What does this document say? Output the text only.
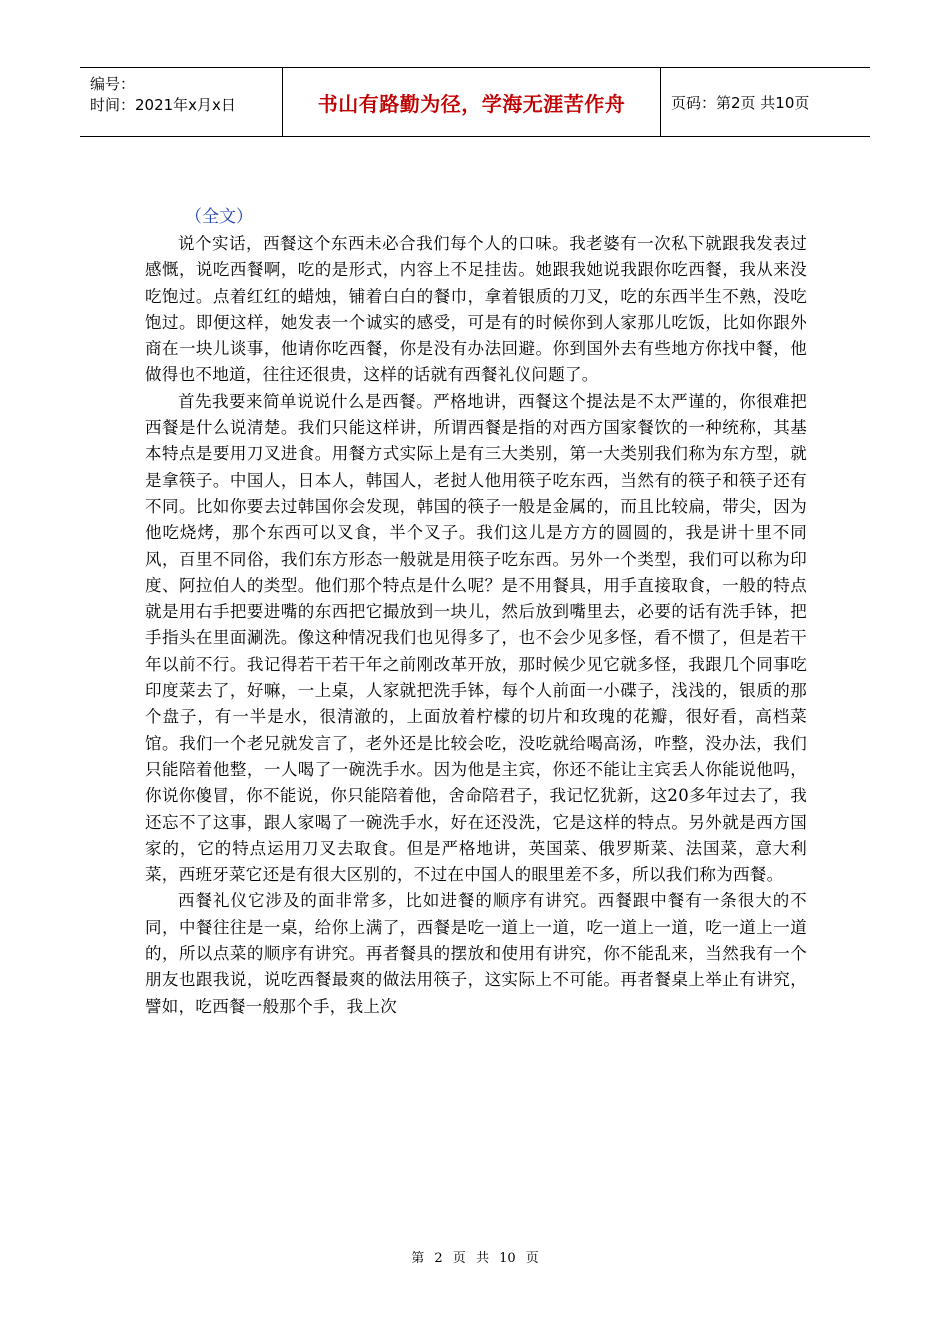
编号：
时间：2021年x月x日	书山有路勤为径，学海无涯苦作舟	页码：第2页 共10页
（全文）

说个实话，西餐这个东西未必合我们每个人的口味。我老婆有一次私下就跟我发表过感慨，说吃西餐啊，吃的是形式，内容上不足挂齿。她跟我她说我跟你吃西餐，我从来没吃饱过。点着红红的蜡烛，铺着白白的餐巾，拿着银质的刀叉，吃的东西半生不熟，没吃饱过。即便这样，她发表一个诚实的感受，可是有的时候你到人家那儿吃饭，比如你跟外商在一块儿谈事，他请你吃西餐，你是没有办法回避。你到国外去有些地方你找中餐，他做得也不地道，往往还很贵，这样的话就有西餐礼仪问题了。

首先我要来简单说说什么是西餐。严格地讲，西餐这个提法是不太严谨的，你很难把西餐是什么说清楚。我们只能这样讲，所谓西餐是指的对西方国家餐饮的一种统称，其基本特点是要用刀叉进食。用餐方式实际上是有三大类别，第一大类别我们称为东方型，就是拿筷子。中国人，日本人，韩国人，老挝人他用筷子吃东西，当然有的筷子和筷子还有不同。比如你要去过韩国你会发现，韩国的筷子一般是金属的，而且比较扁，带尖，因为他吃烧烤，那个东西可以叉食，半个叉子。我们这儿是方方的圆圆的，我是讲十里不同风，百里不同俗，我们东方形态一般就是用筷子吃东西。另外一个类型，我们可以称为印度、阿拉伯人的类型。他们那个特点是什么呢？是不用餐具，用手直接取食，一般的特点就是用右手把要进嘴的东西把它撮放到一块儿，然后放到嘴里去，必要的话有洗手钵，把手指头在里面涮洗。像这种情况我们也见得多了，也不会少见多怪，看不惯了，但是若干年以前不行。我记得若干若干年之前刚改革开放，那时候少见它就多怪，我跟几个同事吃印度菜去了，好嘛，一上桌，人家就把洗手钵，每个人前面一小碟子，浅浅的，银质的那个盘子，有一半是水，很清澈的，上面放着柠檬的切片和玫瑰的花瓣，很好看，高档菜馆。我们一个老兄就发言了，老外还是比较会吃，没吃就给喝高汤，咋整，没办法，我们只能陪着他整，一人喝了一碗洗手水。因为他是主宾，你还不能让主宾丢人你能说他吗，你说你傻冒，你不能说，你只能陪着他，舍命陪君子，我记忆犹新，这20多年过去了，我还忘不了这事，跟人家喝了一碗洗手水，好在还没洗，它是这样的特点。另外就是西方国家的，它的特点运用刀叉去取食。但是严格地讲，英国菜、俄罗斯菜、法国菜，意大利菜，西班牙菜它还是有很大区别的，不过在中国人的眼里差不多，所以我们称为西餐。

西餐礼仪它涉及的面非常多，比如进餐的顺序有讲究。西餐跟中餐有一条很大的不同，中餐往往是一桌，给你上满了，西餐是吃一道上一道，吃一道上一道，吃一道上一道的，所以点菜的顺序有讲究。再者餐具的摆放和使用有讲究，你不能乱来，当然我有一个朋友也跟我说，说吃西餐最爽的做法用筷子，这实际上不可能。再者餐桌上举止有讲究，譬如，吃西餐一般那个手，我上次

第 2 页 共 10 页
